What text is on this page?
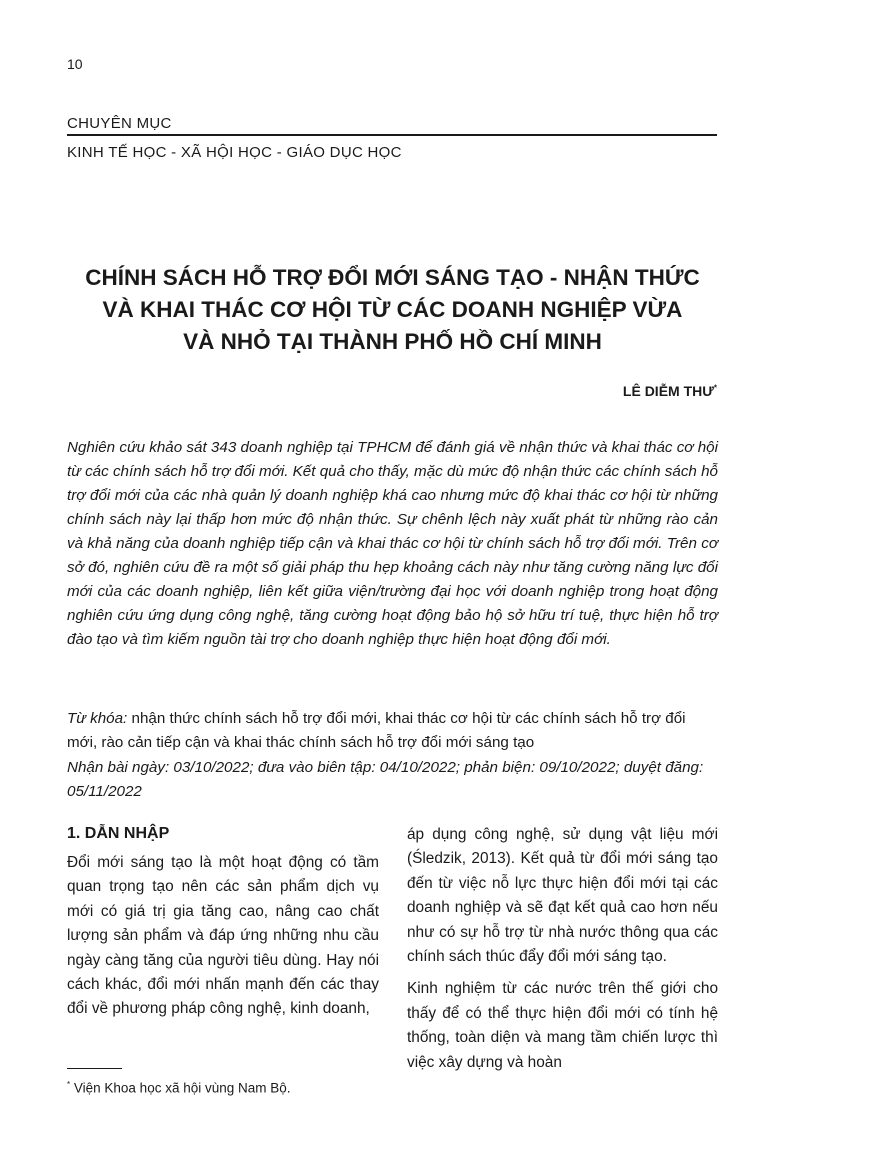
10
CHUYÊN MỤC
KINH TẾ HỌC - XÃ HỘI HỌC - GIÁO DỤC HỌC
CHÍNH SÁCH HỖ TRỢ ĐỔI MỚI SÁNG TẠO - NHẬN THỨC
VÀ KHAI THÁC CƠ HỘI TỪ CÁC DOANH NGHIỆP VỪA
VÀ NHỎ TẠI THÀNH PHỐ HỒ CHÍ MINH
LÊ DIỄM THƯ*

Nghiên cứu khảo sát 343 doanh nghiệp tại TPHCM để đánh giá về nhận thức và khai thác cơ hội từ các chính sách hỗ trợ đổi mới. Kết quả cho thấy, mặc dù mức độ nhận thức các chính sách hỗ trợ đổi mới của các nhà quản lý doanh nghiệp khá cao nhưng mức độ khai thác cơ hội từ những chính sách này lại thấp hơn mức độ nhận thức. Sự chênh lệch này xuất phát từ những rào cản và khả năng của doanh nghiệp tiếp cận và khai thác cơ hội từ chính sách hỗ trợ đổi mới. Trên cơ sở đó, nghiên cứu đề ra một số giải pháp thu hẹp khoảng cách này như tăng cường năng lực đổi mới của các doanh nghiệp, liên kết giữa viện/trường đại học với doanh nghiệp trong hoạt động nghiên cứu ứng dụng công nghệ, tăng cường hoạt động bảo hộ sở hữu trí tuệ, thực hiện hỗ trợ đào tạo và tìm kiếm nguồn tài trợ cho doanh nghiệp thực hiện hoạt động đổi mới.

Từ khóa: nhận thức chính sách hỗ trợ đổi mới, khai thác cơ hội từ các chính sách hỗ trợ đổi mới, rào cản tiếp cận và khai thác chính sách hỗ trợ đổi mới sáng tạo

Nhận bài ngày: 03/10/2022; đưa vào biên tập: 04/10/2022; phản biện: 09/10/2022; duyệt đăng: 05/11/2022

1. DẪN NHẬP

Đổi mới sáng tạo là một hoạt động có tầm quan trọng tạo nên các sản phẩm dịch vụ mới có giá trị gia tăng cao, nâng cao chất lượng sản phẩm và đáp ứng những nhu cầu ngày càng tăng của người tiêu dùng. Hay nói cách khác, đổi mới nhấn mạnh đến các thay đổi về phương pháp công nghệ, kinh doanh,

áp dụng công nghệ, sử dụng vật liệu mới (Śledzik, 2013). Kết quả từ đổi mới sáng tạo đến từ việc nỗ lực thực hiện đổi mới tại các doanh nghiệp và sẽ đạt kết quả cao hơn nếu như có sự hỗ trợ từ nhà nước thông qua các chính sách thúc đẩy đổi mới sáng tạo.

Kinh nghiệm từ các nước trên thế giới cho thấy để có thể thực hiện đổi mới có tính hệ thống, toàn diện và mang tầm chiến lược thì việc xây dựng và hoàn

* Viện Khoa học xã hội vùng Nam Bộ.
